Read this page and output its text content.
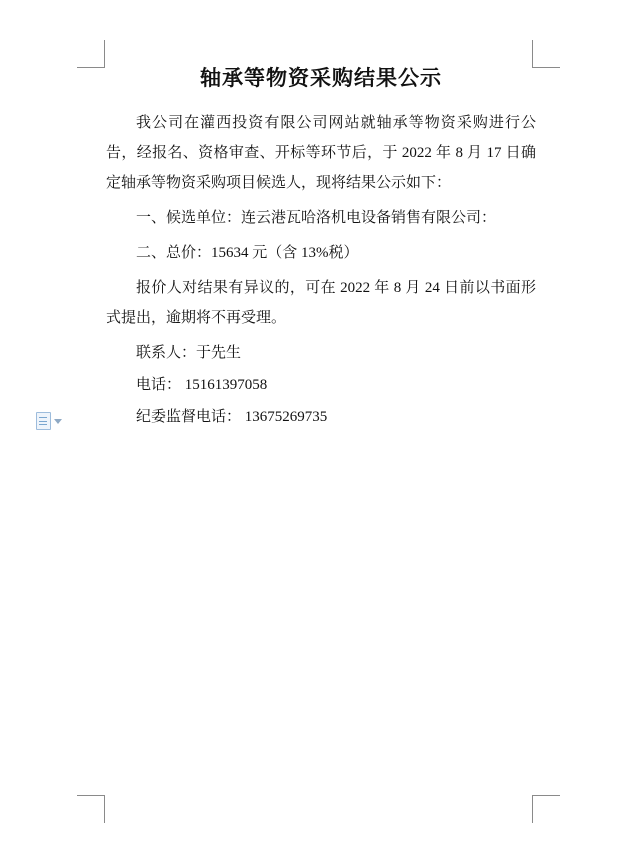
轴承等物资采购结果公示

我公司在灌西投资有限公司网站就轴承等物资采购进行公告，经报名、资格审查、开标等环节后，于 2022 年 8 月 17 日确定轴承等物资采购项目候选人，现将结果公示如下：

一、候选单位：连云港瓦哈洛机电设备销售有限公司：

二、总价：15634 元（含 13%税）

报价人对结果有异议的，可在 2022 年 8 月 24 日前以书面形式提出，逾期将不再受理。

联系人：于先生

电话： 15161397058

纪委监督电话： 13675269735
